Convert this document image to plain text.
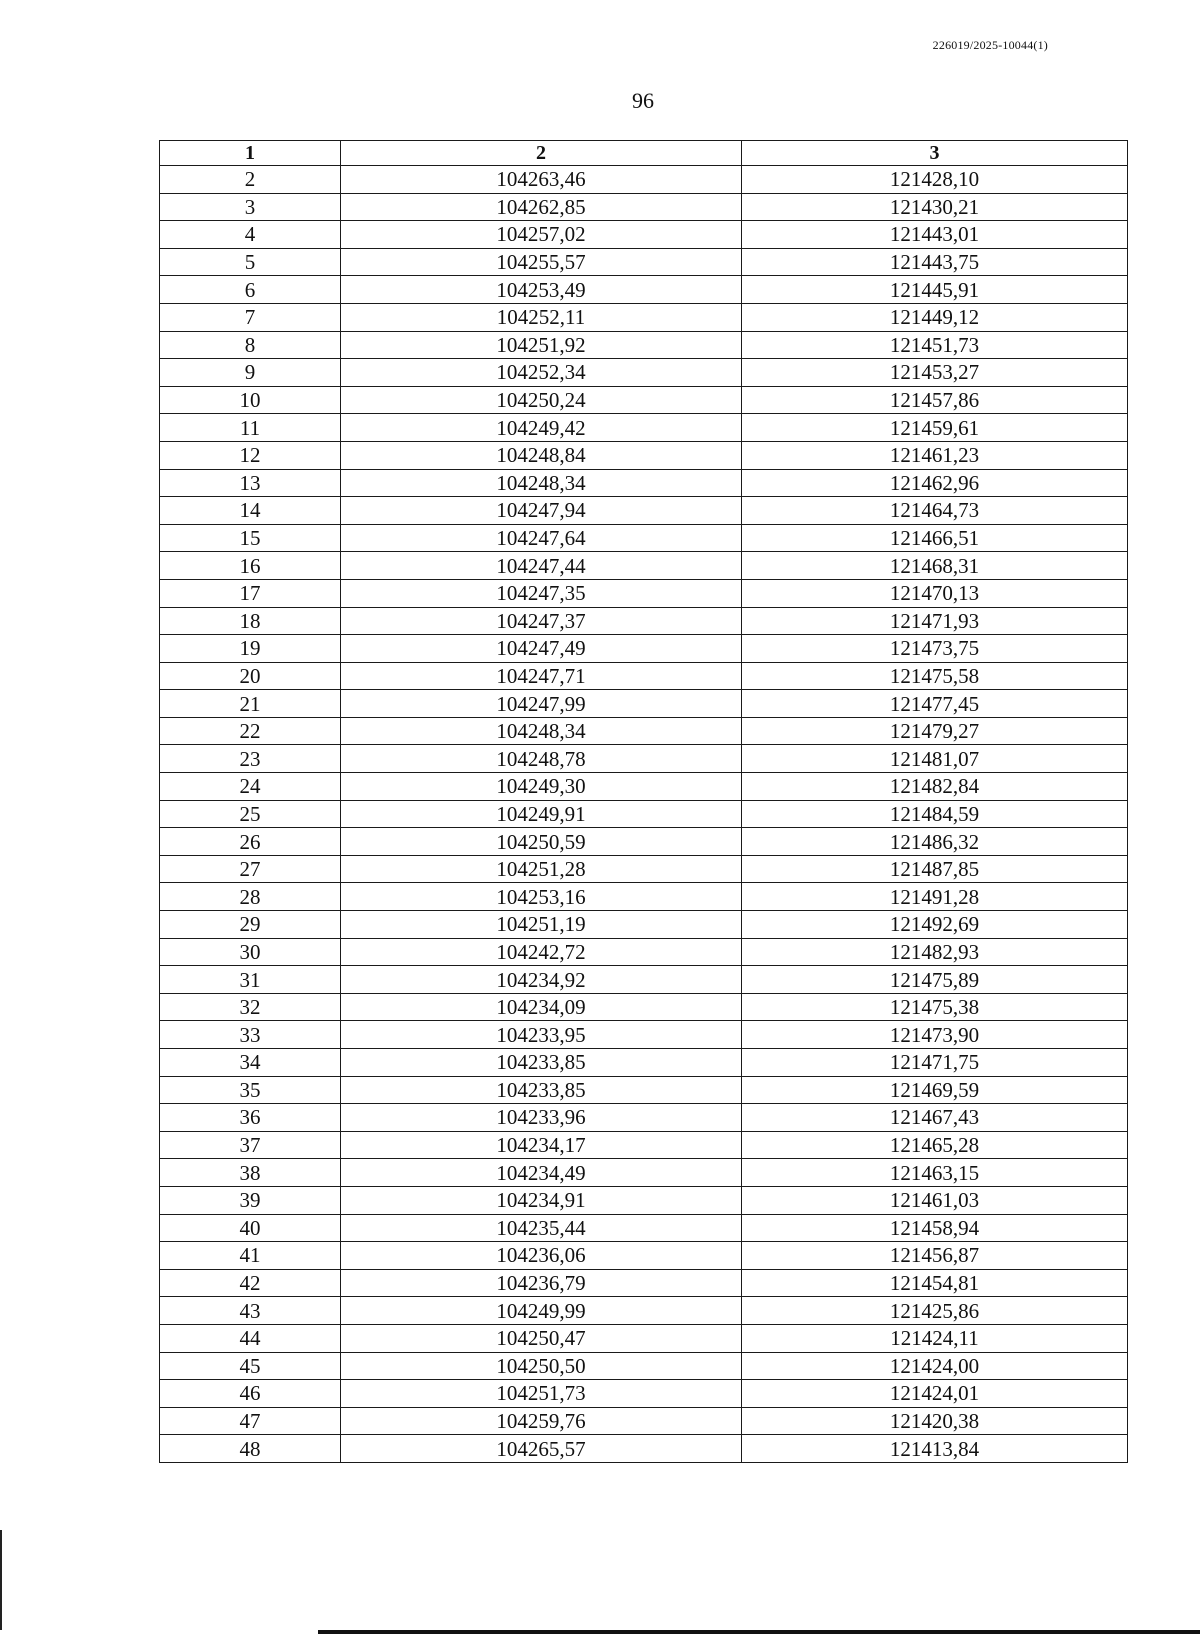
226019/2025-10044(1)
96
1	2	3
2	104263,46	121428,10
3	104262,85	121430,21
4	104257,02	121443,01
5	104255,57	121443,75
6	104253,49	121445,91
7	104252,11	121449,12
8	104251,92	121451,73
9	104252,34	121453,27
10	104250,24	121457,86
11	104249,42	121459,61
12	104248,84	121461,23
13	104248,34	121462,96
14	104247,94	121464,73
15	104247,64	121466,51
16	104247,44	121468,31
17	104247,35	121470,13
18	104247,37	121471,93
19	104247,49	121473,75
20	104247,71	121475,58
21	104247,99	121477,45
22	104248,34	121479,27
23	104248,78	121481,07
24	104249,30	121482,84
25	104249,91	121484,59
26	104250,59	121486,32
27	104251,28	121487,85
28	104253,16	121491,28
29	104251,19	121492,69
30	104242,72	121482,93
31	104234,92	121475,89
32	104234,09	121475,38
33	104233,95	121473,90
34	104233,85	121471,75
35	104233,85	121469,59
36	104233,96	121467,43
37	104234,17	121465,28
38	104234,49	121463,15
39	104234,91	121461,03
40	104235,44	121458,94
41	104236,06	121456,87
42	104236,79	121454,81
43	104249,99	121425,86
44	104250,47	121424,11
45	104250,50	121424,00
46	104251,73	121424,01
47	104259,76	121420,38
48	104265,57	121413,84
